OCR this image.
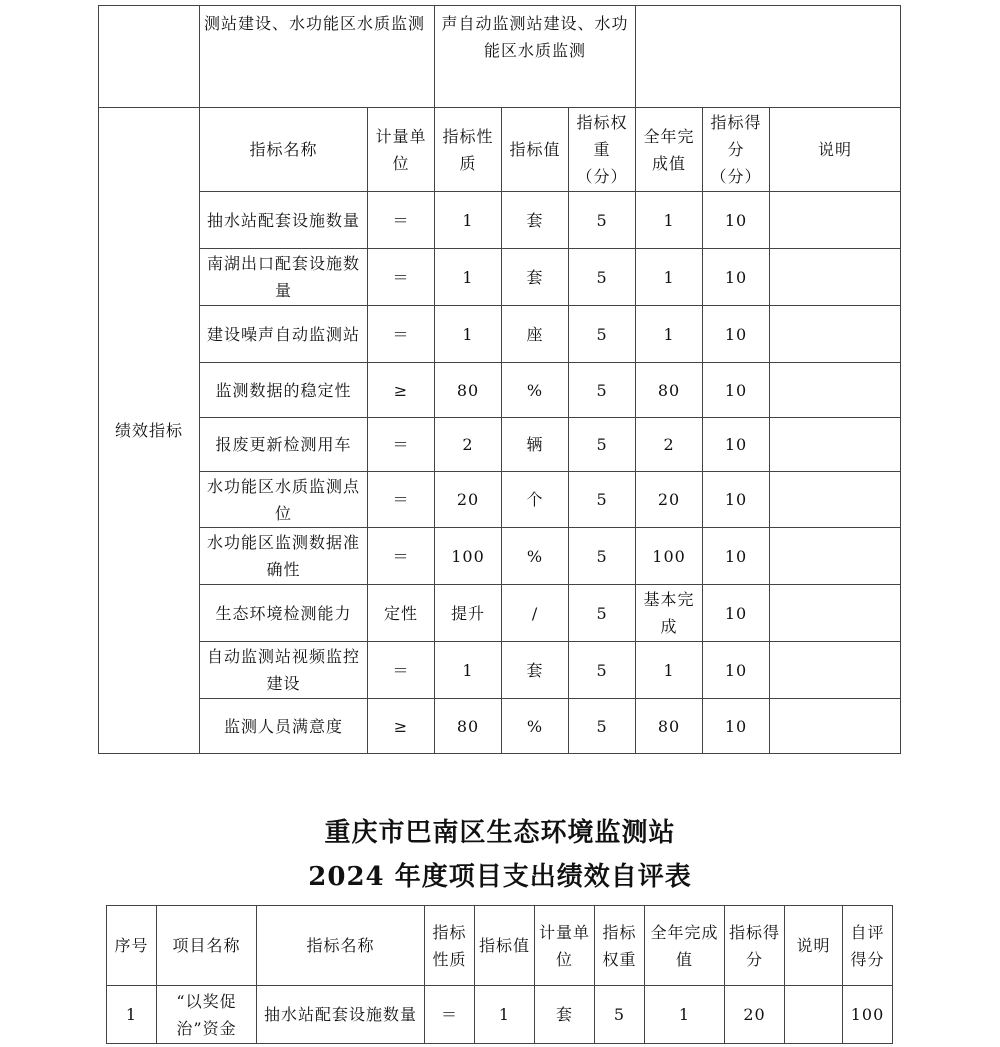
	测站建设、水功能区水质监测		声自动监测站建设、水功能区水质监测					
绩效指标	指标名称	计量单位	指标性质	指标值	指标权重（分）	全年完成值	指标得分（分）	说明
	抽水站配套设施数量	＝	1	套	5	1	10	
	南湖出口配套设施数量	＝	1	套	5	1	10	
	建设噪声自动监测站	＝	1	座	5	1	10	
	监测数据的稳定性	≥	80	%	5	80	10	
	报废更新检测用车	＝	2	辆	5	2	10	
	水功能区水质监测点位	＝	20	个	5	20	10	
	水功能区监测数据准确性	＝	100	%	5	100	10	
	生态环境检测能力	定性	提升	/	5	基本完成	10	
	自动监测站视频监控建设	＝	1	套	5	1	10	
	监测人员满意度	≥	80	%	5	80	10	
重庆市巴南区生态环境监测站
2024 年度项目支出绩效自评表
序号	项目名称	指标名称	指标性质	指标值	计量单位	指标权重	全年完成值	指标得分	说明	自评得分
1	“以奖促治”资金	抽水站配套设施数量	＝	1	套	5	1	20		100
